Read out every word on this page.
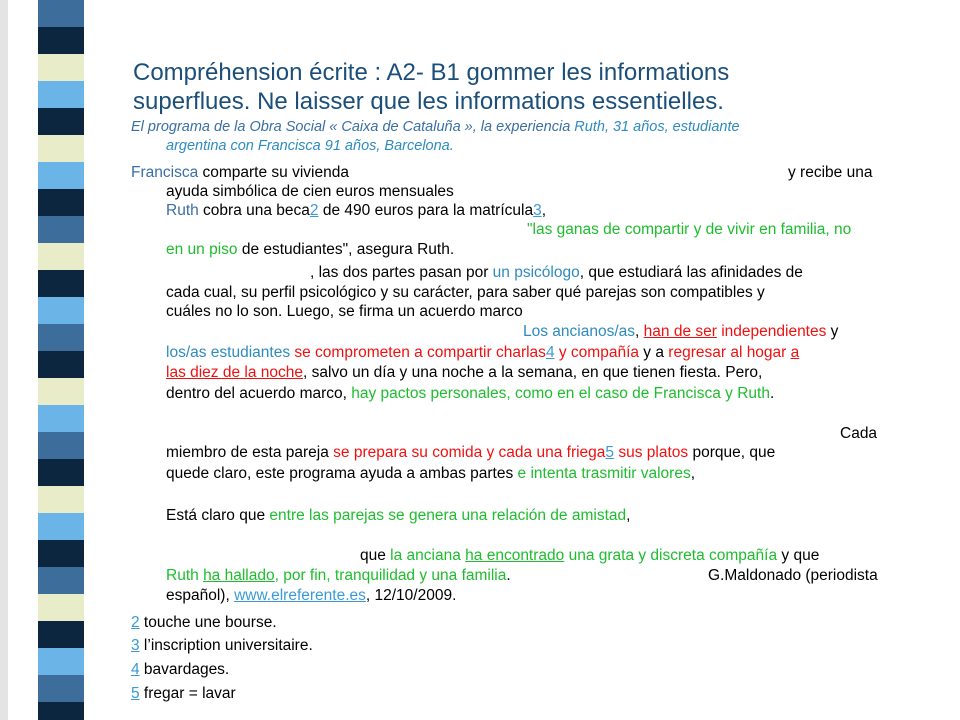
Compréhension écrite : A2- B1 gommer les informations
superflues. Ne laisser que les informations essentielles.
El programa de la Obra Social « Caixa de Cataluña », la experiencia Ruth, 31 años, estudiante
argentina con Francisca 91 años, Barcelona.
Francisca comparte su vivienda	y recibe una
ayuda simbólica de cien euros mensuales
Ruth cobra una beca2 de 490 euros para la matrícula3,
"las ganas de compartir y de vivir en familia, no
en un piso de estudiantes", asegura Ruth.
, las dos partes pasan por un psicólogo, que estudiará las afinidades de
cada cual, su perfil psicológico y su carácter, para saber qué parejas son compatibles y
cuáles no lo son. Luego, se firma un acuerdo marco
Los ancianos/as, han de ser independientes y
los/as estudiantes se comprometen a compartir charlas4 y compañía y a regresar al hogar a
las diez de la noche, salvo un día y una noche a la semana, en que tienen fiesta. Pero,
dentro del acuerdo marco, hay pactos personales, como en el caso de Francisca y Ruth.
Cada
miembro de esta pareja se prepara su comida y cada una friega5 sus platos porque, que
quede claro, este programa ayuda a ambas partes e intenta trasmitir valores,
Está claro que entre las parejas se genera una relación de amistad,
que la anciana ha encontrado una grata y discreta compañía y que
Ruth ha hallado, por fin, tranquilidad y una familia.	G.Maldonado (periodista
español), www.elreferente.es, 12/10/2009.
2 touche une bourse.
3 l’inscription universitaire.
4 bavardages.
5 fregar = lavar
